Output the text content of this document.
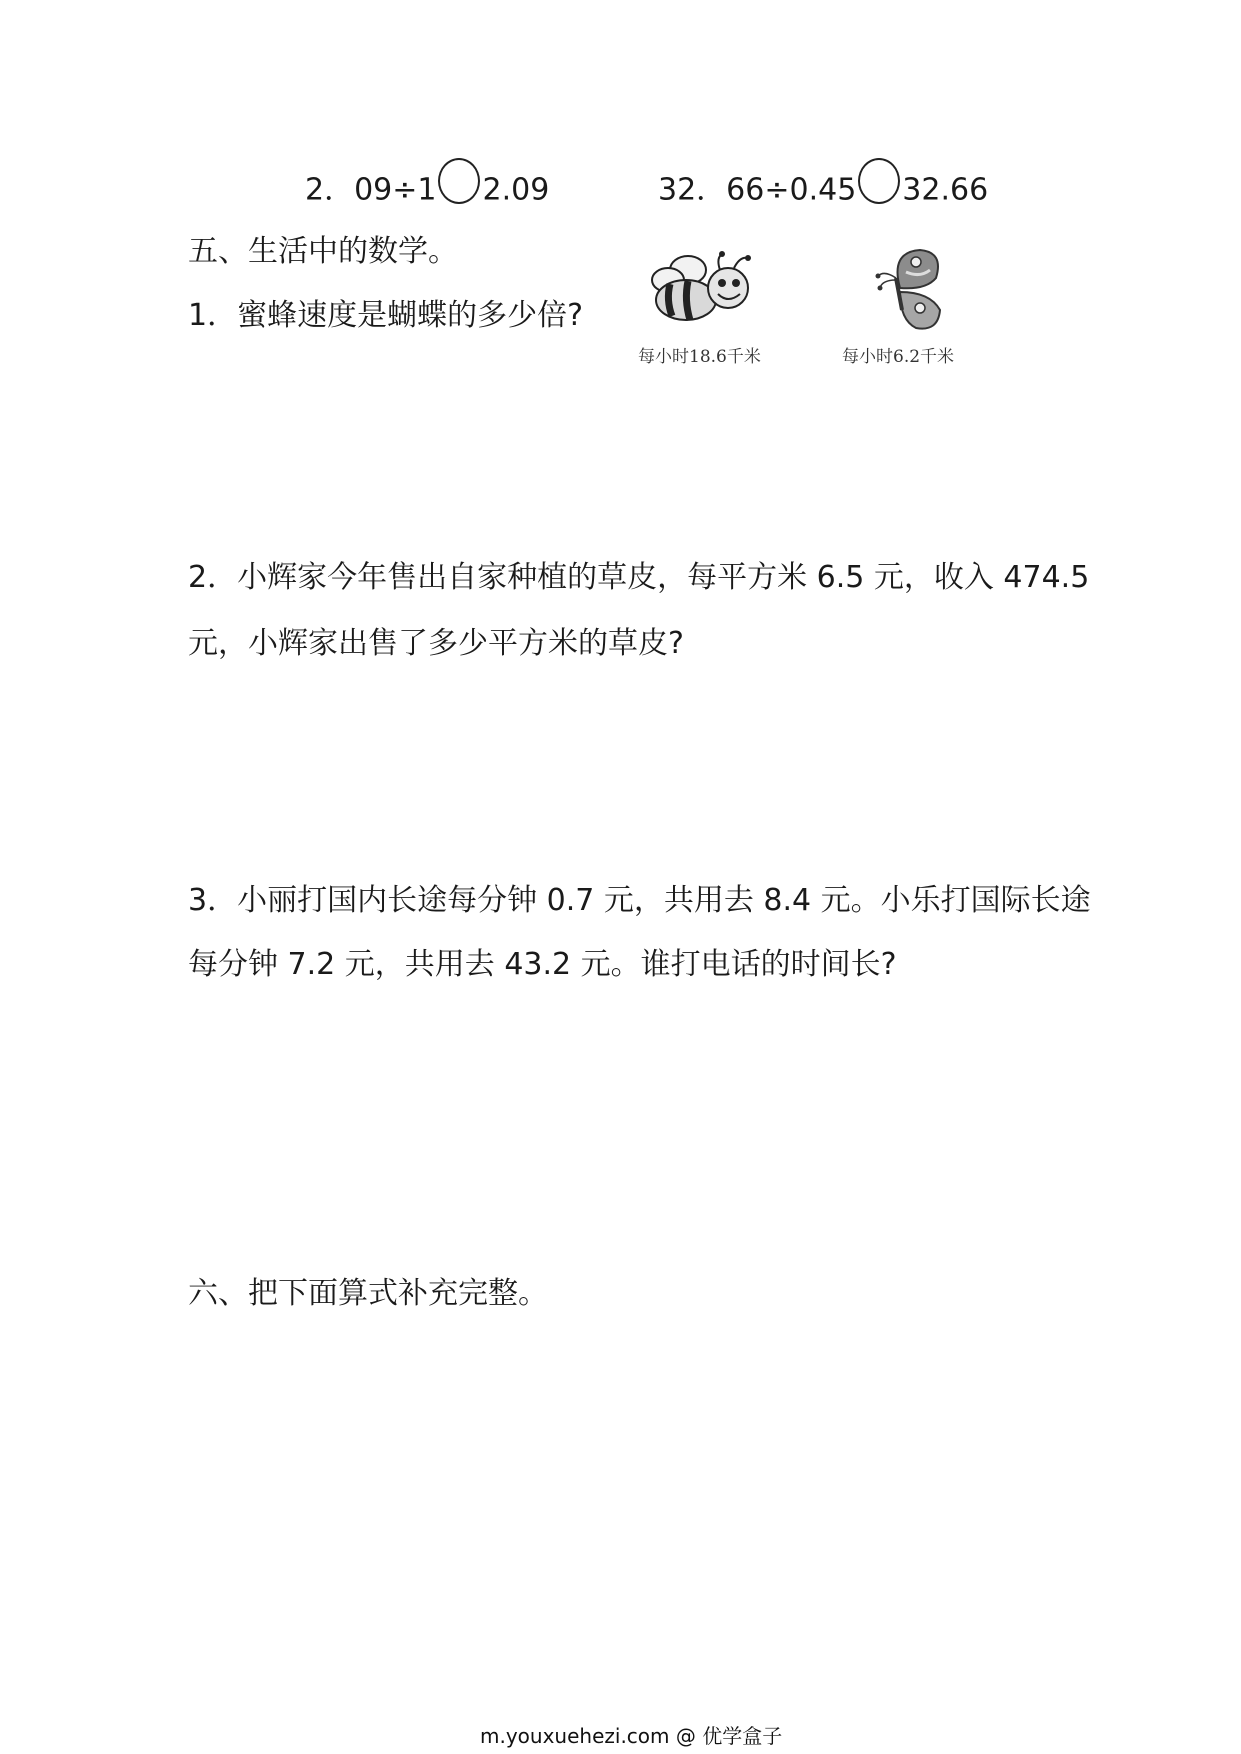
2．09÷1 2.09	32．66÷0.45 32.66
五、生活中的数学。
1．蜜蜂速度是蝴蝶的多少倍?
每小时18.6千米	每小时6.2千米
2．小辉家今年售出自家种植的草皮，每平方米 6.5 元，收入 474.5
元，小辉家出售了多少平方米的草皮?
3．小丽打国内长途每分钟 0.7 元，共用去 8.4 元。小乐打国际长途
每分钟 7.2 元，共用去 43.2 元。谁打电话的时间长?
六、把下面算式补充完整。
m.youxuehezi.com @ 优学盒子
